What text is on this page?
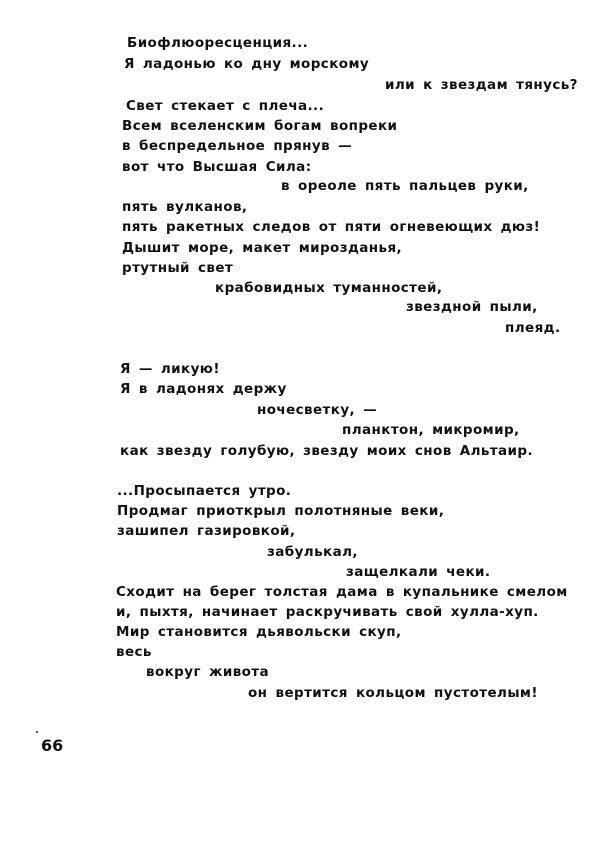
Биофлюоресценция...
Я ладонью ко дну морскому
или к звездам тянусь?
Свет стекает с плеча...
Всем вселенским богам вопреки
в беспредельное прянув —
вот что Высшая Сила:
в ореоле пять пальцев руки,
пять вулканов,
пять ракетных следов от пяти огневеющих дюз!
Дышит море, макет мирозданья,
ртутный свет
крабовидных туманностей,
звездной пыли,
плеяд.
Я — ликую!
Я в ладонях держу
ночесветку, —
планктон, микромир,
как звезду голубую, звезду моих снов Альтаир.
...Просыпается утро.
Продмаг приоткрыл полотняные веки,
зашипел газировкой,
забулькал,
защелкали чеки.
Сходит на берег толстая дама в купальнике смелом
и, пыхтя, начинает раскручивать свой хулла-хуп.
Мир становится дьявольски скуп,
весь
вокруг живота
он вертится кольцом пустотелым!
66
